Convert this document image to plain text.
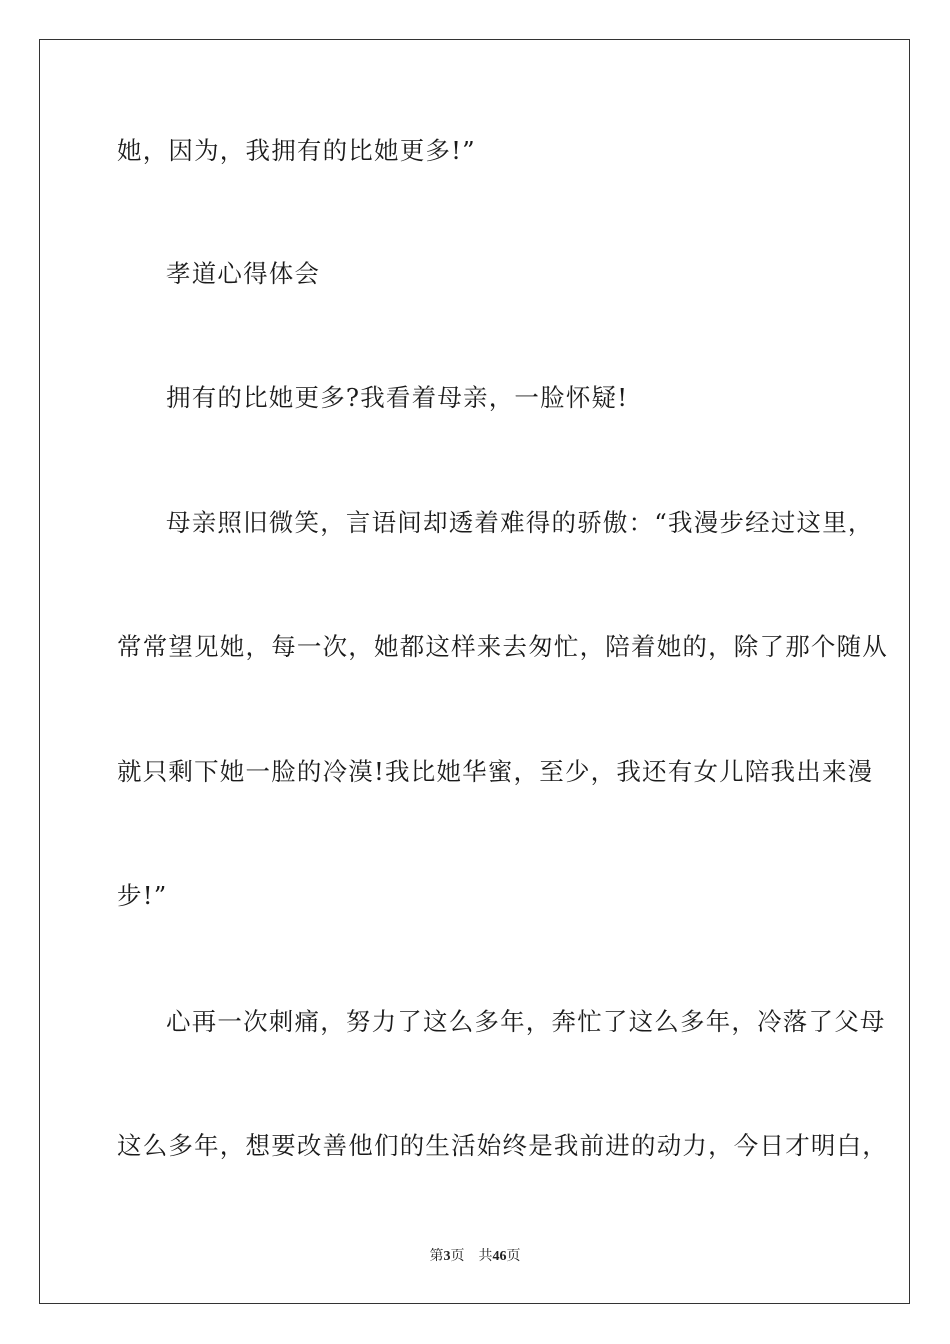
她，因为，我拥有的比她更多!”
孝道心得体会
拥有的比她更多?我看着母亲，一脸怀疑!
母亲照旧微笑，言语间却透着难得的骄傲：“我漫步经过这里，
常常望见她，每一次，她都这样来去匆忙，陪着她的，除了那个随从
就只剩下她一脸的冷漠!我比她华蜜，至少，我还有女儿陪我出来漫
步!”
心再一次刺痛，努力了这么多年，奔忙了这么多年，冷落了父母
这么多年，想要改善他们的生活始终是我前进的动力，今日才明白，
第3页 共46页
